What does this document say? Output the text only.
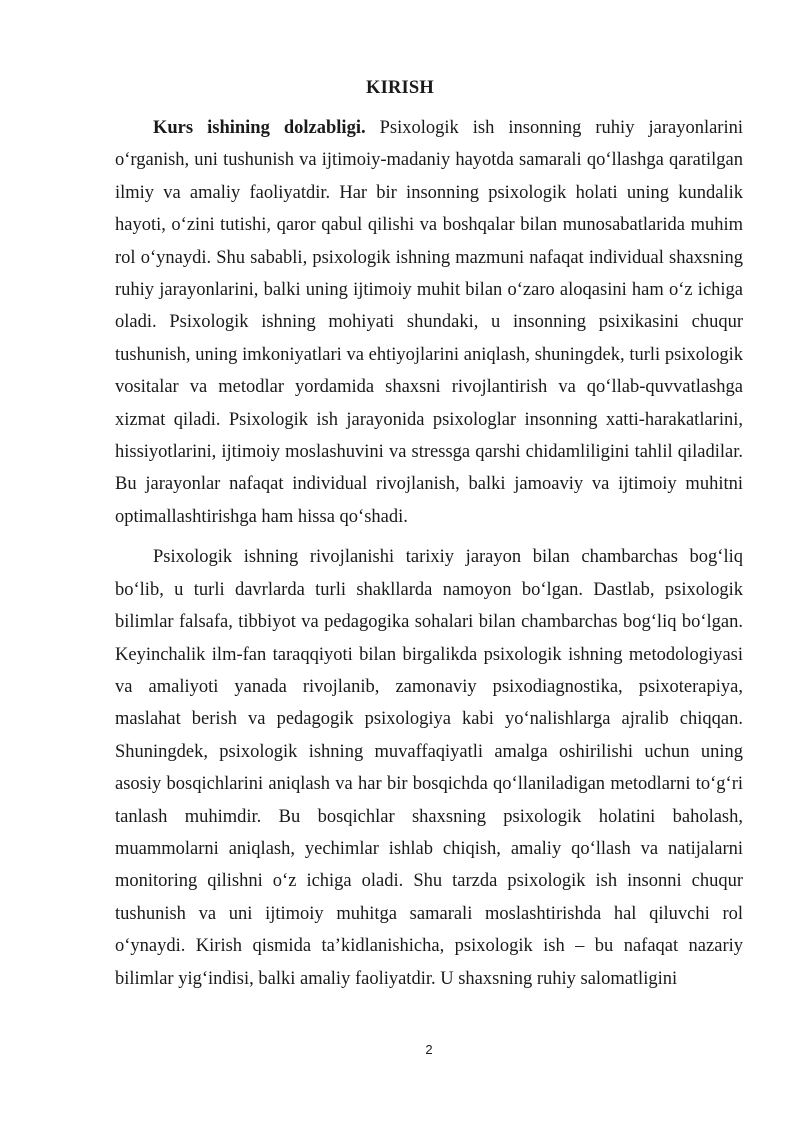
KIRISH

Kurs ishining dolzabligi. Psixologik ish insonning ruhiy jarayonlarini o‘rganish, uni tushunish va ijtimoiy-madaniy hayotda samarali qo‘llashga qaratilgan ilmiy va amaliy faoliyatdir. Har bir insonning psixologik holati uning kundalik hayoti, o‘zini tutishi, qaror qabul qilishi va boshqalar bilan munosabatlarida muhim rol o‘ynaydi. Shu sababli, psixologik ishning mazmuni nafaqat individual shaxsning ruhiy jarayonlarini, balki uning ijtimoiy muhit bilan o‘zaro aloqasini ham o‘z ichiga oladi. Psixologik ishning mohiyati shundaki, u insonning psixikasini chuqur tushunish, uning imkoniyatlari va ehtiyojlarini aniqlash, shuningdek, turli psixologik vositalar va metodlar yordamida shaxsni rivojlantirish va qo‘llab-quvvatlashga xizmat qiladi. Psixologik ish jarayonida psixologlar insonning xatti-harakatlarini, hissiyotlarini, ijtimoiy moslashuvini va stressga qarshi chidamliligini tahlil qiladilar. Bu jarayonlar nafaqat individual rivojlanish, balki jamoaviy va ijtimoiy muhitni optimallashtirishga ham hissa qo‘shadi.

Psixologik ishning rivojlanishi tarixiy jarayon bilan chambarchas bog‘liq bo‘lib, u turli davrlarda turli shakllarda namoyon bo‘lgan. Dastlab, psixologik bilimlar falsafa, tibbiyot va pedagogika sohalari bilan chambarchas bog‘liq bo‘lgan. Keyinchalik ilm-fan taraqqiyoti bilan birgalikda psixologik ishning metodologiyasi va amaliyoti yanada rivojlanib, zamonaviy psixodiagnostika, psixoterapiya, maslahat berish va pedagogik psixologiya kabi yo‘nalishlarga ajralib chiqqan. Shuningdek, psixologik ishning muvaffaqiyatli amalga oshirilishi uchun uning asosiy bosqichlarini aniqlash va har bir bosqichda qo‘llaniladigan metodlarni to‘g‘ri tanlash muhimdir. Bu bosqichlar shaxsning psixologik holatini baholash, muammolarni aniqlash, yechimlar ishlab chiqish, amaliy qo‘llash va natijalarni monitoring qilishni o‘z ichiga oladi. Shu tarzda psixologik ish insonni chuqur tushunish va uni ijtimoiy muhitga samarali moslashtirishda hal qiluvchi rol o‘ynaydi. Kirish qismida ta’kidlanishicha, psixologik ish – bu nafaqat nazariy bilimlar yig‘indisi, balki amaliy faoliyatdir. U shaxsning ruhiy salomatligini

2
